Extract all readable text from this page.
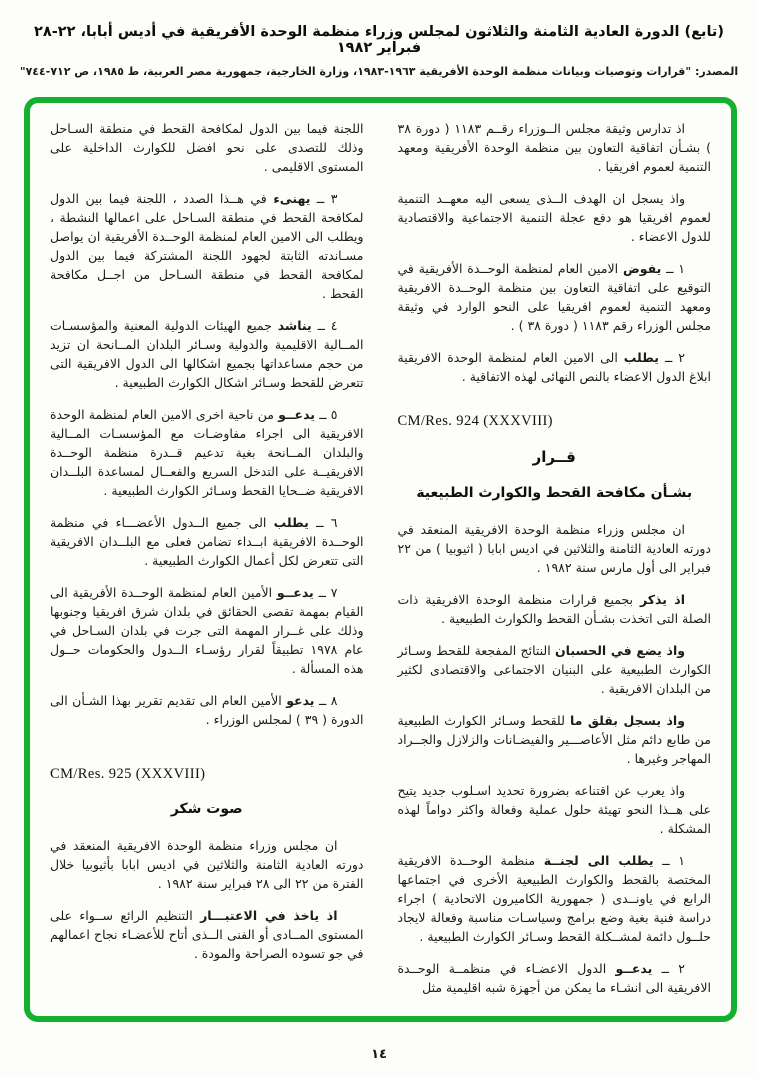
(تابع) الدورة العادية الثامنة والثلاثون لمجلس وزراء منظمة الوحدة الأفريقية في أديس أبابا، ٢٢-٢٨ فبراير ١٩٨٢
المصدر: "قرارات وتوصيات وبيانات منظمة الوحدة الأفريقية ١٩٦٣-١٩٨٣، وزارة الخارجية، جمهورية مصر العربية، ط ١٩٨٥، ص ٧١٢-٧٤٤"

اذ تدارس وثيقة مجلس الــوزراء رقــم ١١٨٣ ( دورة ٣٨ ) بشـأن اتفاقية التعاون بين منظمة الوحدة الأفريقية ومعهد التنمية لعموم افريقيا .

واذ يسجل ان الهدف الــذى يسعى اليه معهــد التنمية لعموم افريقيا هو دفع عجلة التنمية الاجتماعية والاقتصادية للدول الاعضاء .

١ ــ يفوض الامين العام لمنظمة الوحــدة الأفريقية في التوقيع على اتفاقية التعاون بين منظمة الوحــدة الافريقية ومعهد التنمية لعموم افريقيا على النحو الوارد في وثيقة مجلس الوزراء رقم ١١٨٣ ( دورة ٣٨ ) .

٢ ــ يطلب الى الامين العام لمنظمة الوحدة الافريقية ابلاغ الدول الاعضاء بالنص النهائى لهذه الاتفاقية .

CM/Res. 924 (XXXVIII)

قــرار
بشـأن مكافحة القحط والكوارث الطبيعية

ان مجلس وزراء منظمة الوحدة الافريقية المنعقد في دورته العادية الثامنة والثلاثين في اديس ابابا ( اثيوبيا ) من ٢٢ فبراير الى أول مارس سنة ١٩٨٢ .

اذ يذكر بجميع قرارات منظمة الوحدة الافريقية ذات الصلة التى اتخذت بشـأن القحط والكوارث الطبيعية .

واذ يضع في الحسبان النتائج المفجعة للقحط وسـائر الكوارث الطبيعية على البنيان الاجتماعى والاقتصادى لكثير من البلدان الافريقية .

واذ يسجل بقلق ما للقحط وسـائر الكوارث الطبيعية من طابع دائم مثل الأعاصـــير والفيضـانات والزلازل والجــراد المهاجر وغيرها .

واذ يعرب عن اقتناعه بضرورة تحديد اسـلوب جديد يتيح على هــذا النحو تهيئة حلول عملية وفعالة واكثر دواماً لهذه المشكلة .

١ ــ يطلب الى لجنــة منظمة الوحــدة الافريقية المختصة بالقحط والكوارث الطبيعية الأخرى في اجتماعها الرابع في ياونــدى ( جمهورية الكاميرون الاتحادية ) اجراء دراسة فنية بغية وضع برامج وسياسـات مناسبة وفعالة لايجاد حلــول دائمة لمشــكلة القحط وسـائر الكوارث الطبيعية .

٢ ــ يدعــو الدول الاعضـاء في منظمــة الوحــدة الافريقية الى انشـاء ما يمكن من أجهزة شبه اقليمية مثل

اللجنة فيما بين الدول لمكافحة القحط في منطقة السـاحل وذلك للتصدى على نحو افضل للكوارث الداخلية على المستوى الاقليمى .

٣ ــ يهنىء في هــذا الصدد ، اللجنة فيما بين الدول لمكافحة القحط في منطقة السـاحل على اعمالها النشطة ، ويطلب الى الامين العام لمنظمة الوحــدة الأفريقية ان يواصل مسـاندته الثابتة لجهود اللجنة المشتركة فيما بين الدول لمكافحة القحط في منطقة السـاحل من اجــل مكافحة القحط .

٤ ــ يناشد جميع الهيئات الدولية المعنية والمؤسسـات المــالية الاقليمية والدولية وسـائر البلدان المــانحة ان تزيد من حجم مساعداتها بجميع اشكالها الى الدول الافريقية التى تتعرض للقحط وسـائر اشكال الكوارث الطبيعية .

٥ ــ يدعــو من ناحية اخرى الامين العام لمنظمة الوحدة الافريقية الى اجراء مفاوضـات مع المؤسسـات المــالية والبلدان المــانحة بغية تدعيم قــدرة منظمة الوحــدة الافريقيــة على التدخل السريع والفعــال لمساعدة البلــدان الافريقية ضــحايا القحط وسـائر الكوارث الطبيعية .

٦ ــ يطلب الى جميع الــدول الأعضـــاء في منظمة الوحــدة الافريقية ابــداء تضامن فعلى مع البلــدان الافريقية التى تتعرض لكل أعمال الكوارث الطبيعية .

٧ ــ يدعــو الأمين العام لمنظمة الوحــدة الأفريقية الى القيام بمهمة تقصى الحقائق في بلدان شرق افريقيا وجنوبها وذلك على غــرار المهمة التى جرت في بلدان السـاحل في عام ١٩٧٨ تطبيقاً لقرار رؤسـاء الــدول والحكومات حــول هذه المسألة .

٨ ــ يدعو الأمين العام الى تقديم تقرير بهذا الشـأن الى الدورة ( ٣٩ ) لمجلس الوزراء .

CM/Res. 925 (XXXVIII)

صوت شكر

ان مجلس وزراء منظمة الوحدة الافريقية المنعقد في دورته العادية الثامنة والثلاثين في اديس ابابا بأثيوبيا خلال الفترة من ٢٢ الى ٢٨ فبراير سنة ١٩٨٢ .

اذ ياخذ في الاعتبـــار التنظيم الرائع ســواء على المستوى المــادى أو الفنى الــذى أتاح للأعضـاء نجاح اعمالهم في جو تسوده الصراحة والمودة .

١٤
